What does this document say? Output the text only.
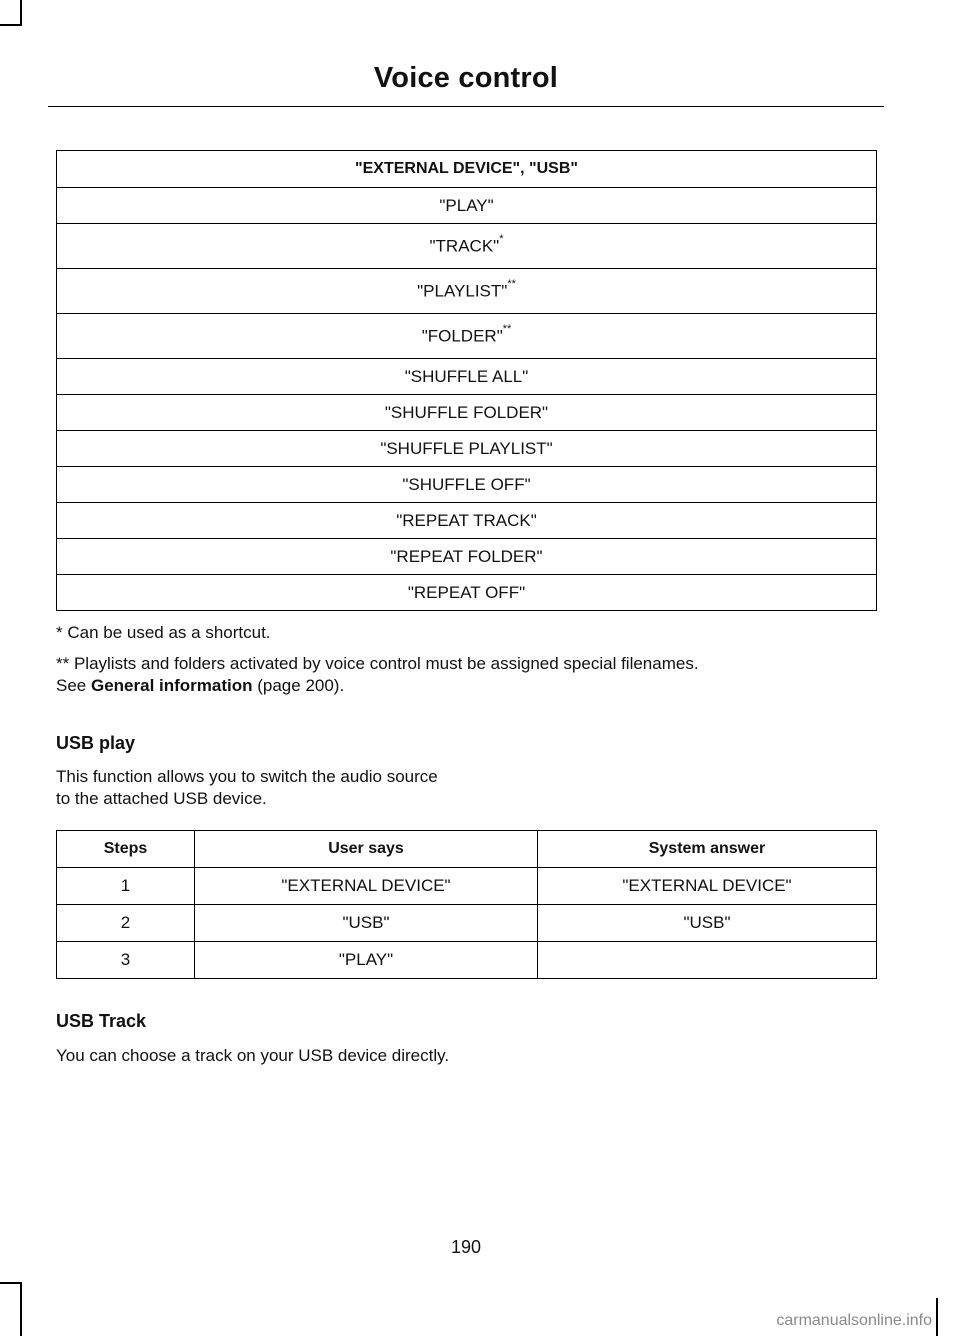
Voice control
"EXTERNAL DEVICE", "USB"
"PLAY"
"TRACK"*
"PLAYLIST"**
"FOLDER"**
"SHUFFLE ALL"
"SHUFFLE FOLDER"
"SHUFFLE PLAYLIST"
"SHUFFLE OFF"
"REPEAT TRACK"
"REPEAT FOLDER"
"REPEAT OFF"
* Can be used as a shortcut.
** Playlists and folders activated by voice control must be assigned special filenames.
See General information (page 200).
USB play
This function allows you to switch the audio source to the attached USB device.
Steps	User says	System answer
1	"EXTERNAL DEVICE"	"EXTERNAL DEVICE"
2	"USB"	"USB"
3	"PLAY"	
USB Track
You can choose a track on your USB device directly.
190
carmanualsonline.info
